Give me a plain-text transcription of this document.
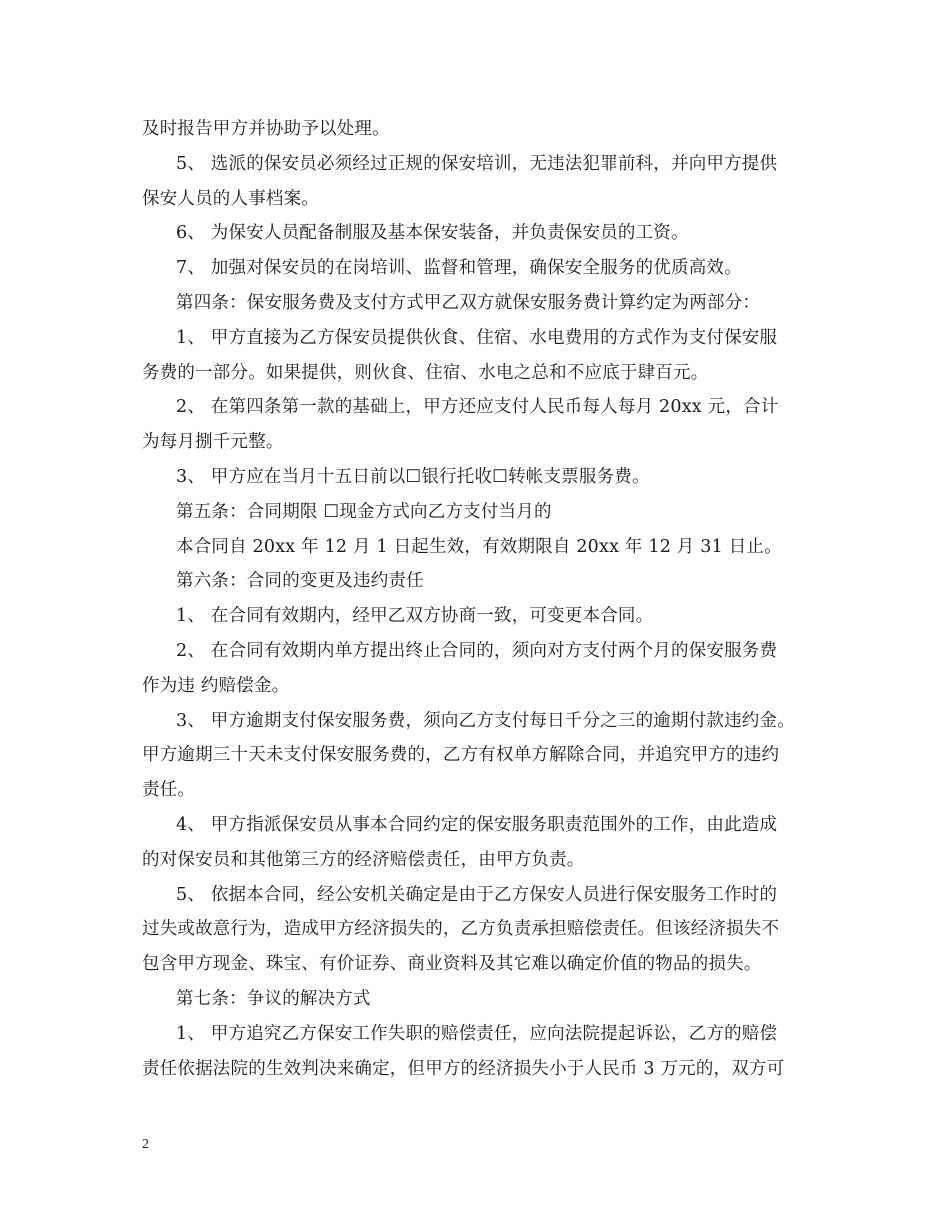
及时报告甲方并协助予以处理。
5、 选派的保安员必须经过正规的保安培训，无违法犯罪前科，并向甲方提供
保安人员的人事档案。
6、 为保安人员配备制服及基本保安装备，并负责保安员的工资。
7、 加强对保安员的在岗培训、监督和管理，确保安全服务的优质高效。
第四条：保安服务费及支付方式甲乙双方就保安服务费计算约定为两部分：
1、 甲方直接为乙方保安员提供伙食、住宿、水电费用的方式作为支付保安服
务费的一部分。如果提供，则伙食、住宿、水电之总和不应底于肆百元。
2、 在第四条第一款的基础上，甲方还应支付人民币每人每月 20xx 元，合计
为每月捌千元整。
3、 甲方应在当月十五日前以☐银行托收☐转帐支票服务费。
第五条：合同期限 ☐现金方式向乙方支付当月的
本合同自 20xx 年 12 月 1 日起生效，有效期限自 20xx 年 12 月 31 日止。
第六条：合同的变更及违约责任
1、 在合同有效期内，经甲乙双方协商一致，可变更本合同。
2、 在合同有效期内单方提出终止合同的，须向对方支付两个月的保安服务费
作为违 约赔偿金。
3、 甲方逾期支付保安服务费，须向乙方支付每日千分之三的逾期付款违约金。
甲方逾期三十天未支付保安服务费的，乙方有权单方解除合同，并追究甲方的违约
责任。
4、 甲方指派保安员从事本合同约定的保安服务职责范围外的工作，由此造成
的对保安员和其他第三方的经济赔偿责任，由甲方负责。
5、 依据本合同，经公安机关确定是由于乙方保安人员进行保安服务工作时的
过失或故意行为，造成甲方经济损失的，乙方负责承担赔偿责任。但该经济损失不
包含甲方现金、珠宝、有价证券、商业资料及其它难以确定价值的物品的损失。
第七条：争议的解决方式
1、 甲方追究乙方保安工作失职的赔偿责任，应向法院提起诉讼，乙方的赔偿
责任依据法院的生效判决来确定，但甲方的经济损失小于人民币 3 万元的，双方可
2
